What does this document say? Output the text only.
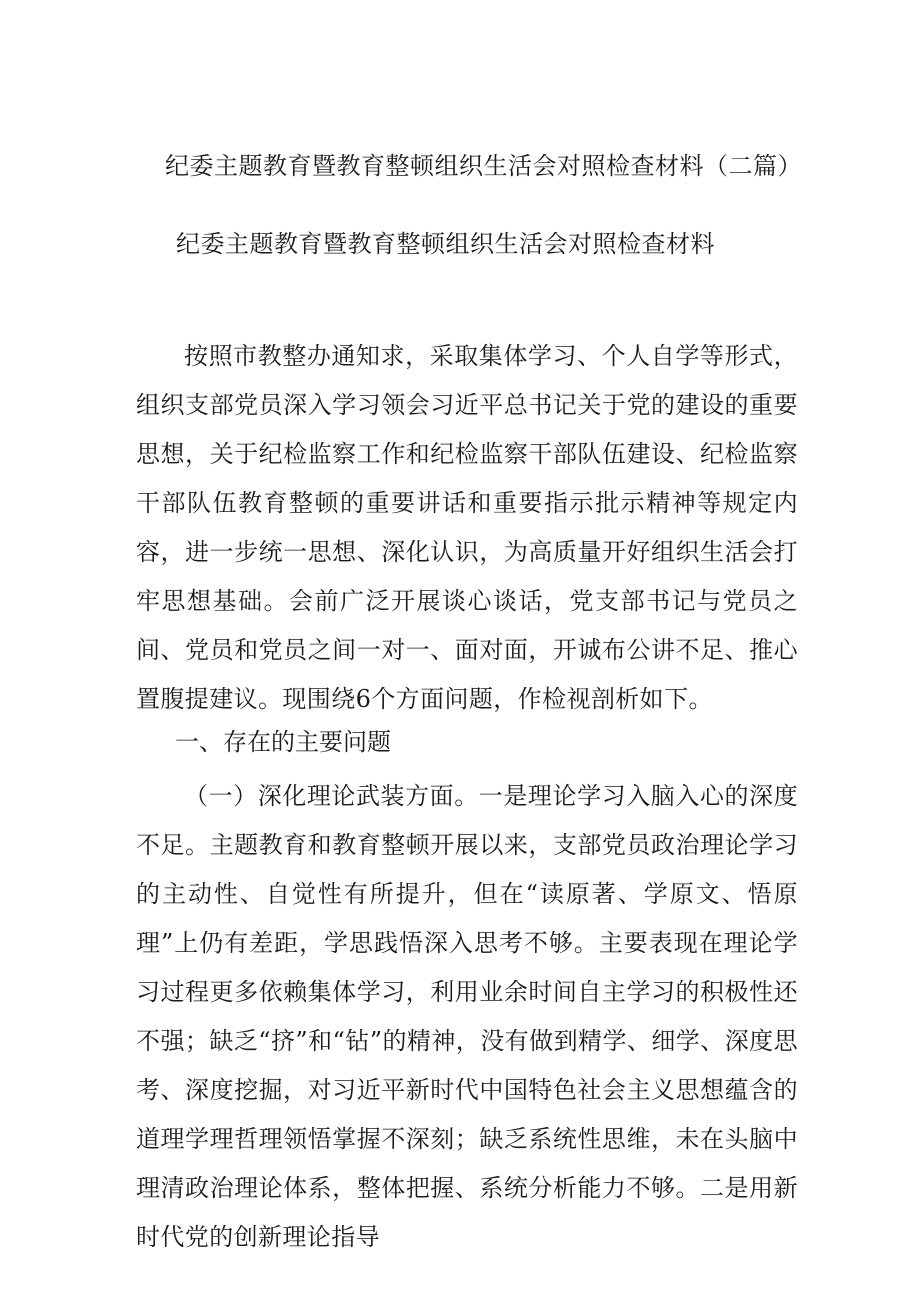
纪委主题教育暨教育整顿组织生活会对照检查材料（二篇）
纪委主题教育暨教育整顿组织生活会对照检查材料

按照市教整办通知求，采取集体学习、个人自学等形式，组织支部党员深入学习领会习近平总书记关于党的建设的重要思想，关于纪检监察工作和纪检监察干部队伍建设、纪检监察干部队伍教育整顿的重要讲话和重要指示批示精神等规定内容，进一步统一思想、深化认识，为高质量开好组织生活会打牢思想基础。会前广泛开展谈心谈话，党支部书记与党员之间、党员和党员之间一对一、面对面，开诚布公讲不足、推心置腹提建议。现围绕6个方面问题，作检视剖析如下。

一、存在的主要问题

（一）深化理论武装方面。一是理论学习入脑入心的深度不足。主题教育和教育整顿开展以来，支部党员政治理论学习的主动性、自觉性有所提升，但在“读原著、学原文、悟原理”上仍有差距，学思践悟深入思考不够。主要表现在理论学习过程更多依赖集体学习，利用业余时间自主学习的积极性还不强；缺乏“挤”和“钻”的精神，没有做到精学、细学、深度思考、深度挖掘，对习近平新时代中国特色社会主义思想蕴含的道理学理哲理领悟掌握不深刻；缺乏系统性思维，未在头脑中理清政治理论体系，整体把握、系统分析能力不够。二是用新时代党的创新理论指导
